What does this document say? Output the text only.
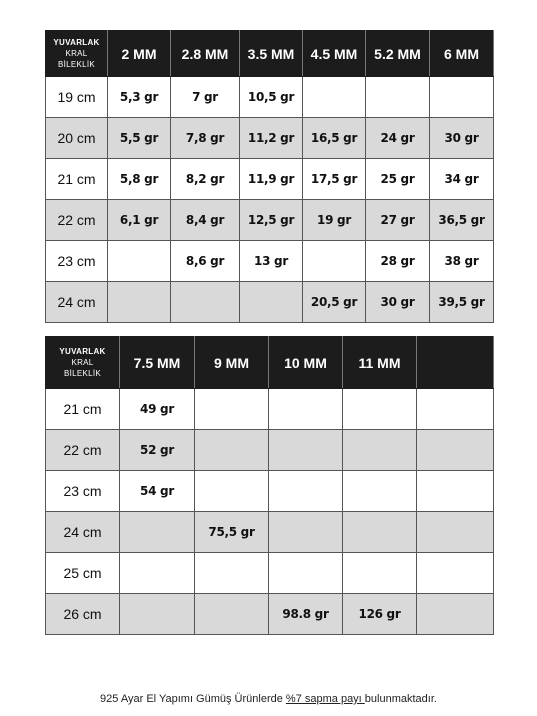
YUVARLAK
KRAL
BİLEKLİK	2 MM	2.8 MM	3.5 MM	4.5 MM	5.2 MM	6 MM
19 cm	5,3 gr	7 gr	10,5 gr			
20 cm	5,5 gr	7,8 gr	11,2 gr	16,5 gr	24 gr	30 gr
21 cm	5,8 gr	8,2 gr	11,9 gr	17,5 gr	25 gr	34 gr
22 cm	6,1 gr	8,4 gr	12,5 gr	19 gr	27 gr	36,5 gr
23 cm		8,6 gr	13 gr		28 gr	38 gr
24 cm				20,5 gr	30 gr	39,5 gr
YUVARLAK
KRAL
BİLEKLİK	7.5 MM	9 MM	10 MM	11 MM	
21 cm	49 gr				
22 cm	52 gr				
23 cm	54 gr				
24 cm		75,5 gr			
25 cm					
26 cm			98.8 gr	126 gr	
925 Ayar El Yapımı Gümüş Ürünlerde %7 sapma payı bulunmaktadır.
